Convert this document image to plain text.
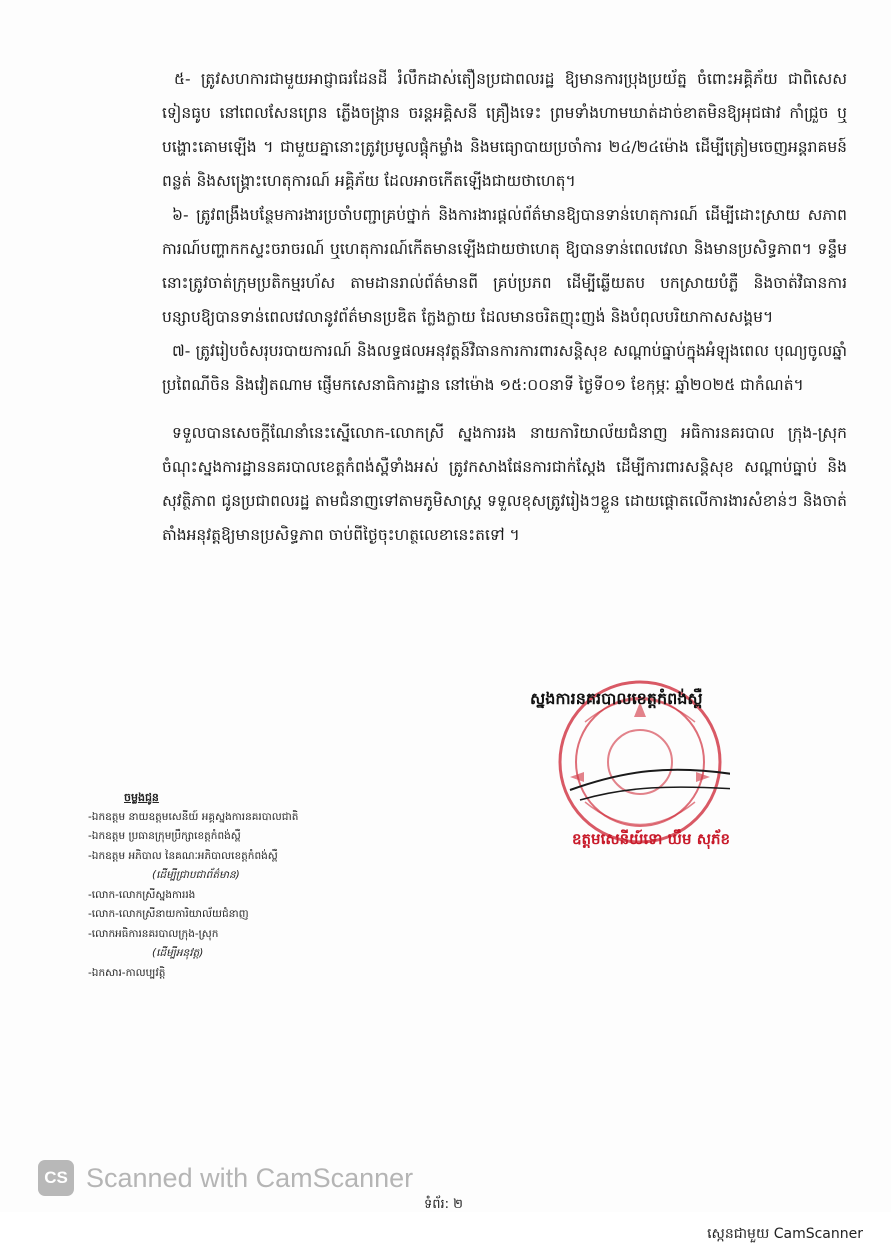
៥- ត្រូវសហការជាមួយអាជ្ញាធរដែនដី រំលឹកដាស់តឿនប្រជាពលរដ្ឋ ឱ្យមានការប្រុងប្រយ័ត្ន ចំពោះអគ្គិភ័យ ជាពិសេស ទៀនធូប នៅពេលសែនព្រេន ភ្លើងចង្ក្រាន ចរន្តអគ្គិសនី គ្រឿងទេះ ព្រមទាំងហាមឃាត់ដាច់ខាតមិនឱ្យអុជផាវ កាំជ្រួច ឬបង្ហោះគោមឡើង ។ ជាមួយគ្នានោះត្រូវប្រមូលផ្តុំកម្លាំង និងមធ្យោបាយប្រចាំការ ២៤/២៤ម៉ោង ដើម្បីត្រៀមចេញអន្តរាគមន៍ ពន្លត់ និងសង្គ្រោះហេតុការណ៍ អគ្គិភ័យ ដែលអាចកើតឡើងជាយថាហេតុ។

៦- ត្រូវពង្រឹងបន្ថែមការងារប្រចាំបញ្ជាគ្រប់ថ្នាក់ និងការងារផ្តល់ព័ត៌មានឱ្យបានទាន់ហេតុការណ៍ ដើម្បីដោះស្រាយ សភាពការណ៍បញ្ហាកកស្ទះចរាចរណ៍ ឬហេតុការណ៍កើតមានឡើងជាយថាហេតុ ឱ្យបានទាន់ពេលវេលា និងមានប្រសិទ្ធភាព។ ទន្ទឹមនោះត្រូវចាត់ក្រុមប្រតិកម្មរហ័ស តាមដានរាល់ព័ត៌មានពី គ្រប់ប្រភព ដើម្បីឆ្លើយតប បកស្រាយបំភ្លឺ និងចាត់វិធានការ បន្សាបឱ្យបានទាន់ពេលវេលានូវព័ត៌មានប្រឌិត ក្លែងក្លាយ ដែលមានចរិតញុះញង់ និងបំពុលបរិយាកាសសង្គម។

៧- ត្រូវរៀបចំសរុបរបាយការណ៍ និងលទ្ធផលអនុវត្តន៍វិធានការការពារសន្តិសុខ សណ្តាប់ធ្នាប់ក្នុងអំឡុងពេល បុណ្យចូលឆ្នាំប្រពៃណីចិន និងវៀតណាម ផ្ញើមកសេនាធិការដ្ឋាន នៅម៉ោង ១៥:០០នាទី ថ្ងៃទី០១ ខែកុម្ភៈ ឆ្នាំ២០២៥ ជាកំណត់។

ទទួលបានសេចក្តីណែនាំនេះស្នើលោក-លោកស្រី ស្នងការរង នាយការិយាល័យជំនាញ អធិការនគរបាល ក្រុង-ស្រុក ចំណុះស្នងការដ្ឋាននគរបាលខេត្តកំពង់ស្ពឺទាំងអស់ ត្រូវកសាងផែនការជាក់ស្តែង ដើម្បីការពារសន្តិសុខ សណ្តាប់ធ្នាប់ និងសុវត្ថិភាព ជូនប្រជាពលរដ្ឋ តាមជំនាញទៅតាមភូមិសាស្ត្រ ទទួលខុសត្រូវរៀងៗខ្លួន ដោយផ្តោតលើការងារសំខាន់ៗ និងចាត់តាំងអនុវត្តឱ្យមានប្រសិទ្ធភាព ចាប់ពីថ្ងៃចុះហត្ថលេខានេះតទៅ ។

ស្នងការនគរបាលខេត្តកំពង់ស្ពឺ
ឧត្តមសេនីយ៍ទោ ឃឹម សុភ័ខ
ចម្លងជូន
-ឯកឧត្តម នាយឧត្តមសេនីយ៍ អគ្គស្នងការនគរបាលជាតិ
-ឯកឧត្តម ប្រធានក្រុមប្រឹក្សាខេត្តកំពង់ស្ពឺ
-ឯកឧត្តម អភិបាល នៃគណៈអភិបាលខេត្តកំពង់ស្ពឺ
(ដើម្បីជ្រាបជាព័ត៌មាន)
-លោក-លោកស្រីស្នងការរង
-លោក-លោកស្រីនាយការិយាល័យជំនាញ
-លោកអធិការនគរបាលក្រុង-ស្រុក
(ដើម្បីអនុវត្ត)
-ឯកសារ-កាលប្បវត្តិ
CS Scanned with CamScanner
ទំព័រ: ២
ស្កេនជាមួយ CamScanner
